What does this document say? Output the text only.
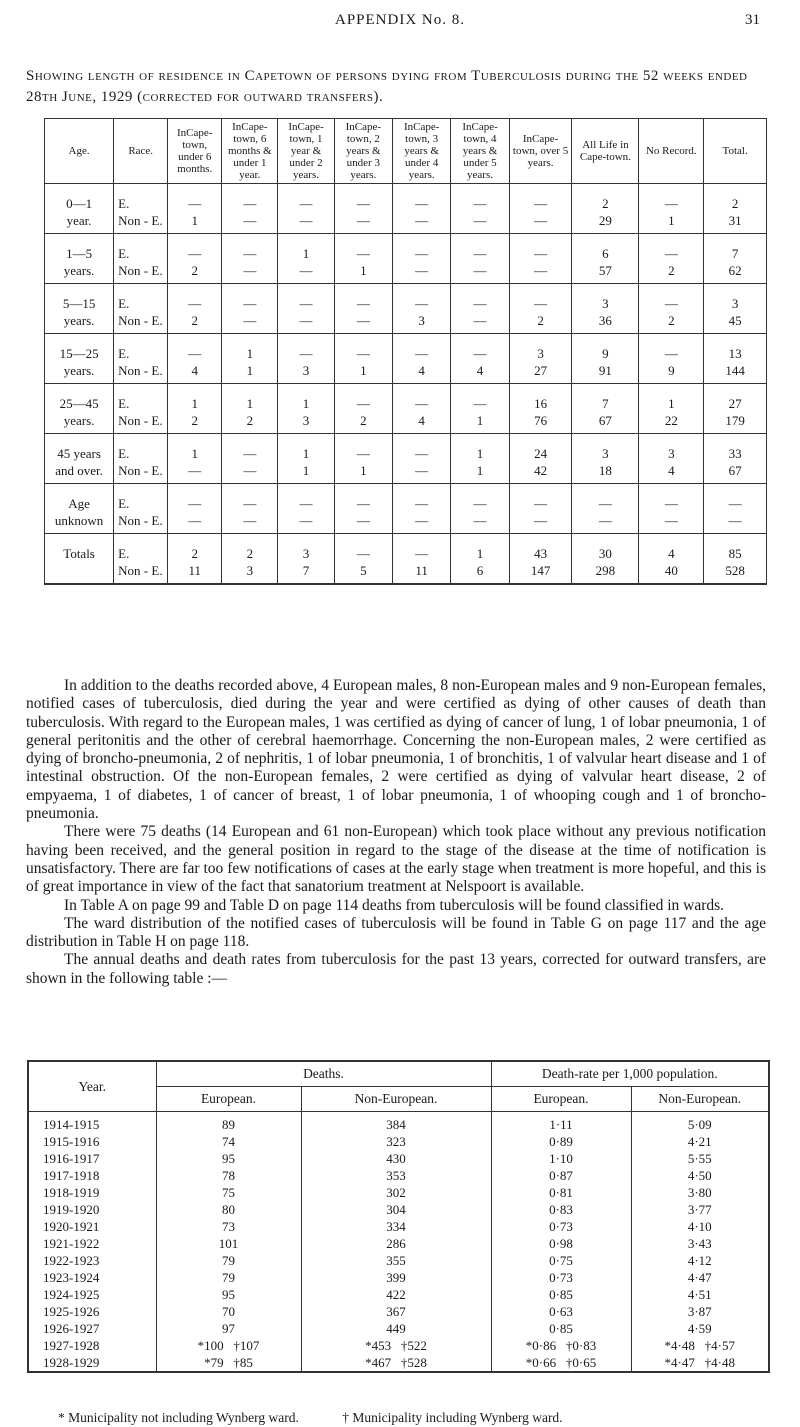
APPENDIX No. 8.	31
Showing length of residence in Capetown of persons dying from Tuberculosis during the 52 weeks ended 28th June, 1929 (corrected for outward transfers).
Age.	Race.	InCape-town, under 6 months.	InCape-town, 6 months & under 1 year.	InCape-town, 1 year & under 2 years.	InCape-town, 2 years & under 3 years.	InCape-town, 3 years & under 4 years.	InCape-town, 4 years & under 5 years.	InCape-town, over 5 years.	All Life in Cape-town.	No Record.	Total.
0—1	E.	—	—	—	—	—	—	—	2	—	2
year.	Non - E.	1	—	—	—	—	—	—	29	1	31
1—5	E.	—	—	1	—	—	—	—	6	—	7
years.	Non - E.	2	—	—	1	—	—	—	57	2	62
5—15	E.	—	—	—	—	—	—	—	3	—	3
years.	Non - E.	2	—	—	—	3	—	2	36	2	45
15—25	E.	—	1	—	—	—	—	3	9	—	13
years.	Non - E.	4	1	3	1	4	4	27	91	9	144
25—45	E.	1	1	1	—	—	—	16	7	1	27
years.	Non - E.	2	2	3	2	4	1	76	67	22	179
45 years	E.	1	—	1	—	—	1	24	3	3	33
and over.	Non - E.	—	—	1	1	—	1	42	18	4	67
Age	E.	—	—	—	—	—	—	—	—	—	—
unknown	Non - E.	—	—	—	—	—	—	—	—	—	—
Totals	E.	2	2	3	—	—	1	43	30	4	85
	Non - E.	11	3	7	5	11	6	147	298	40	528

In addition to the deaths recorded above, 4 European males, 8 non-European males and 9 non-European females, notified cases of tuberculosis, died during the year and were certified as dying of other causes of death than tuberculosis. With regard to the European males, 1 was certified as dying of cancer of lung, 1 of lobar pneumonia, 1 of general peritonitis and the other of cerebral haemorrhage. Concerning the non-European males, 2 were certified as dying of broncho-pneumonia, 2 of nephritis, 1 of lobar pneumonia, 1 of bronchitis, 1 of valvular heart disease and 1 of intestinal obstruction. Of the non-European females, 2 were certified as dying of valvular heart disease, 2 of empyaema, 1 of diabetes, 1 of cancer of breast, 1 of lobar pneumonia, 1 of whooping cough and 1 of broncho-pneumonia.

There were 75 deaths (14 European and 61 non-European) which took place without any previous notification having been received, and the general position in regard to the stage of the disease at the time of notification is unsatisfactory. There are far too few notifications of cases at the early stage when treatment is more hopeful, and this is of great importance in view of the fact that sanatorium treatment at Nelspoort is available.

In Table A on page 99 and Table D on page 114 deaths from tuberculosis will be found classified in wards.

The ward distribution of the notified cases of tuberculosis will be found in Table G on page 117 and the age distribution in Table H on page 118.

The annual deaths and death rates from tuberculosis for the past 13 years, corrected for outward transfers, are shown in the following table :—

Year.	Deaths.		Death-rate per 1,000 population.	
	European.	Non-European.	European.	Non-European.
1914-1915	89	384	1·11	5·09
1915-1916	74	323	0·89	4·21
1916-1917	95	430	1·10	5·55
1917-1918	78	353	0·87	4·50
1918-1919	75	302	0·81	3·80
1919-1920	80	304	0·83	3·77
1920-1921	73	334	0·73	4·10
1921-1922	101	286	0·98	3·43
1922-1923	79	355	0·75	4·12
1923-1924	79	399	0·73	4·47
1924-1925	95	422	0·85	4·51
1925-1926	70	367	0·63	3·87
1926-1927	97	449	0·85	4·59
1927-1928	*100   †107	*453   †522	*0·86   †0·83	*4·48   †4·57
1928-1929	*79   †85	*467   †528	*0·66   †0·65	*4·47   †4·48
* Municipality not including Wynberg ward.	† Municipality including Wynberg ward.
